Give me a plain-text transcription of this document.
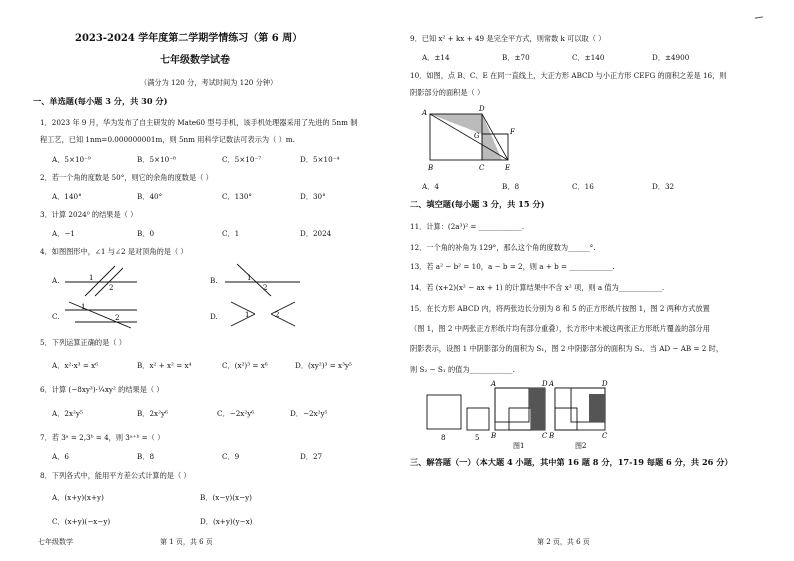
2023-2024 学年度第二学期学情练习（第 6 周）
七年级数学试卷
（满分为 120 分，考试时间为 120 分钟）
一、单选题(每小题 3 分，共 30 分)
1．2023 年 9 月，华为发布了自主研发的 Mate60 型号手机，该手机处理器采用了先进的 5nm 制
程工艺，已知 1nm=0.000000001m，则 5nm 用科学记数法可表示为（ ）m.
A．5×10⁻⁹	B．5×10⁻⁸	C．5×10⁻⁷	D．5×10⁻⁴
2．若一个角的度数是 50°，则它的余角的度数是（ ）
A．140°	B．40°	C．130°	D．30°
3．计算 2024⁰ 的结果是（ ）
A．−1	B．0	C．1	D．2024
4．如图图形中，∠1 与∠2 是对顶角的是（ ）
A.	1
2
B.	1
2
C.
1
2	D.	1	2
5．下列运算正确的是（ ）
A．x²·x³ = x⁶	B．x² + x² = x⁴	C．(x²)³ = x⁶	D．(xy²)³ = x³y⁵
6．计算 (−8xy³)·¼xy² 的结果是（ ）
A．2x²y⁵	B．2x²y⁶	C．−2x²y⁶	D．−2x²y⁵
7．若 3ᵃ = 2,3ᵇ = 4，则 3ᵃ⁺ᵇ =（ ）
A．6	B．8	C．9	D．27
8．下列各式中，能用平方差公式计算的是（ ）
A．(x+y)(x+y)	B．(x−y)(x−y)
C．(x+y)(−x−y)	D．(x+y)(y−x)
七年级数学	第 1 页，共 6 页
9．已知 x² + kx + 49 是完全平方式，则常数 k 可以取（ ）
A．±14	B．±70	C．±140	D．±4900
10．如图，点 B、C、E 在同一直线上，大正方形 ABCD 与小正方形 CEFG 的面积之差是 16，则
阴影部分的面积是（ ）
A	D
G	F
B	C	E
A．4	B．8	C．16	D．32
二、填空题(每小题 3 分，共 15 分)
11．计算：(2a³)² = ____________.
12．一个角的补角为 129°，那么这个角的度数为______°.
13．若 a² − b² = 10，a − b = 2，则 a + b = ____________.
14．若 (x+2)(x² − ax + 1) 的计算结果中不含 x² 项，则 a 值为____________.
15．在长方形 ABCD 内，将两张边长分别为 8 和 5 的正方形纸片按图 1，图 2 两种方式放置
（图 1，图 2 中两张正方形纸片均有部分重叠），长方形中未被这两张正方形纸片覆盖的部分用
阴影表示，设图 1 中阴影部分的面积为 S₁，图 2 中阴影部分的面积为 S₂．当 AD − AB = 2 时，
则 S₂ − S₁ 的值为____________.
8	5
A	D
B	C
图1
A	D
B	C
图2
三、解答题（一）（本大题 4 小题，其中第 16 题 8 分，17-19 每题 6 分，共 26 分）
第 2 页，共 6 页
